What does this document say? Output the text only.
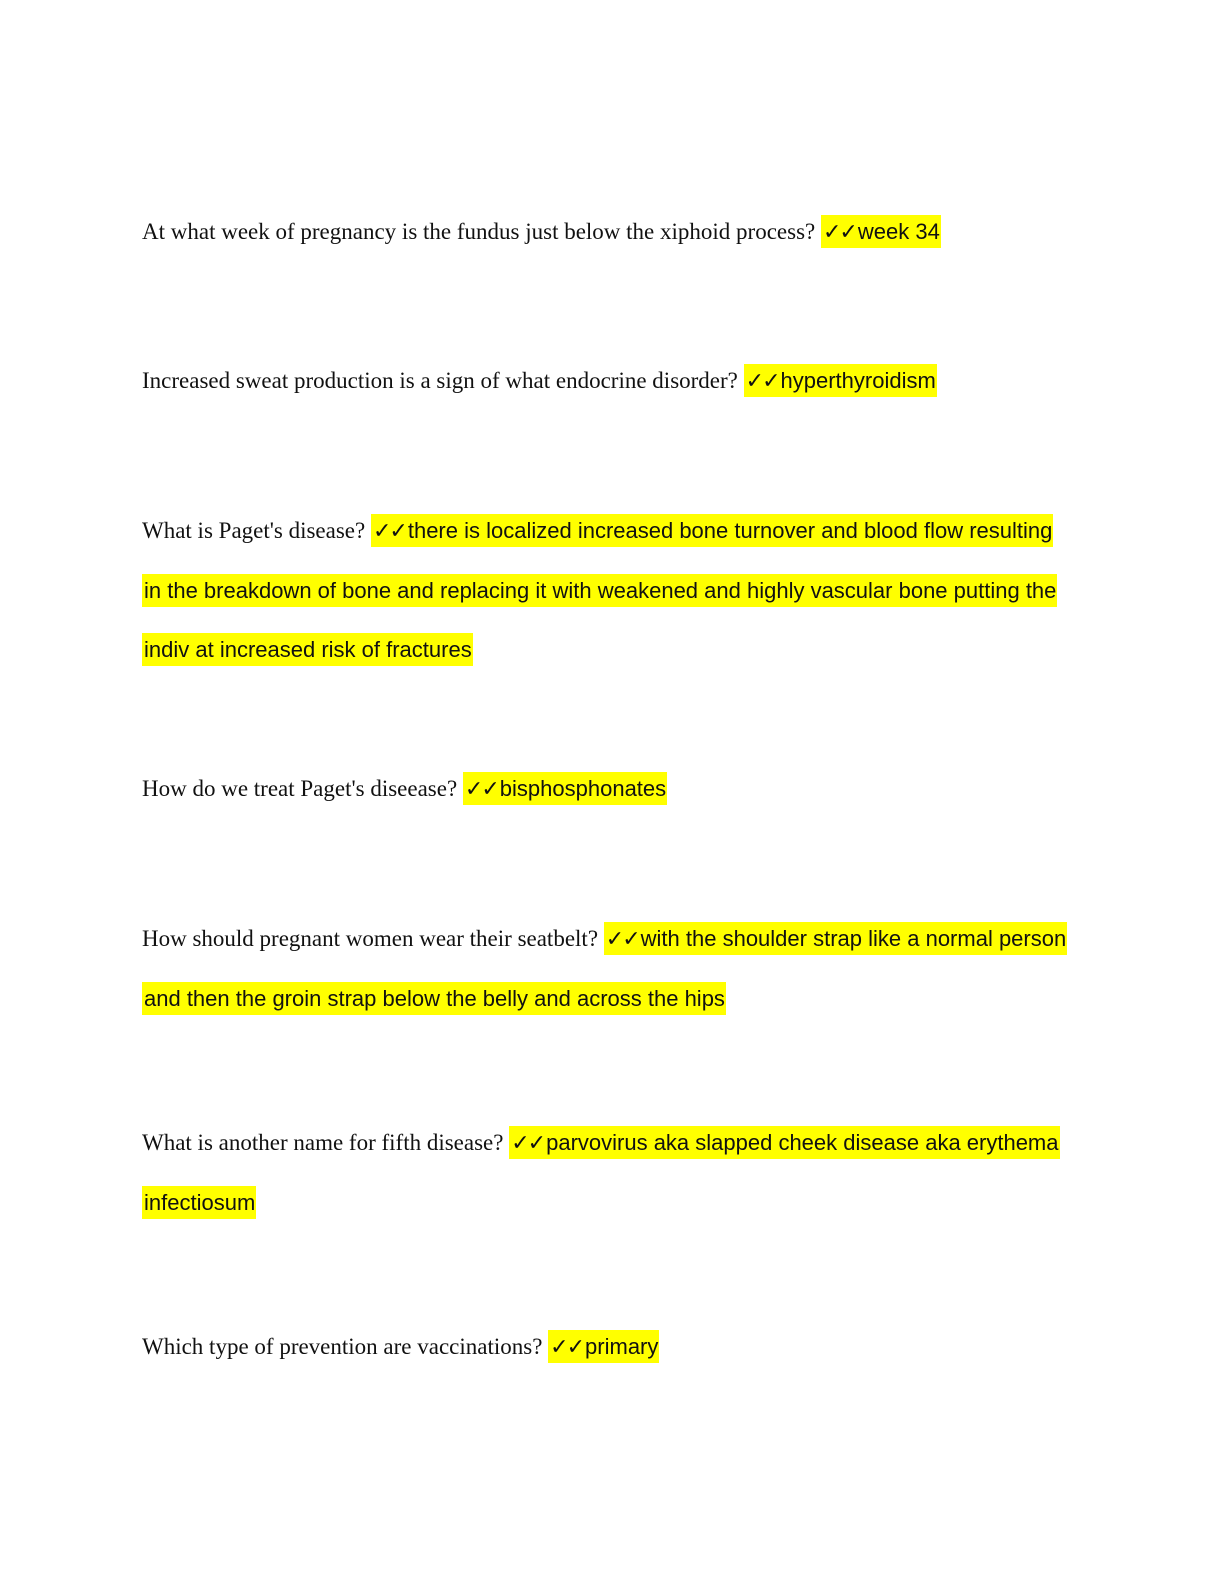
At what week of pregnancy is the fundus just below the xiphoid process? ✓✓week 34

Increased sweat production is a sign of what endocrine disorder? ✓✓hyperthyroidism

What is Paget's disease? ✓✓there is localized increased bone turnover and blood flow resulting in the breakdown of bone and replacing it with weakened and highly vascular bone putting the indiv at increased risk of fractures

How do we treat Paget's diseease? ✓✓bisphosphonates

How should pregnant women wear their seatbelt? ✓✓with the shoulder strap like a normal person and then the groin strap below the belly and across the hips

What is another name for fifth disease? ✓✓parvovirus aka slapped cheek disease aka erythema infectiosum

Which type of prevention are vaccinations? ✓✓primary
